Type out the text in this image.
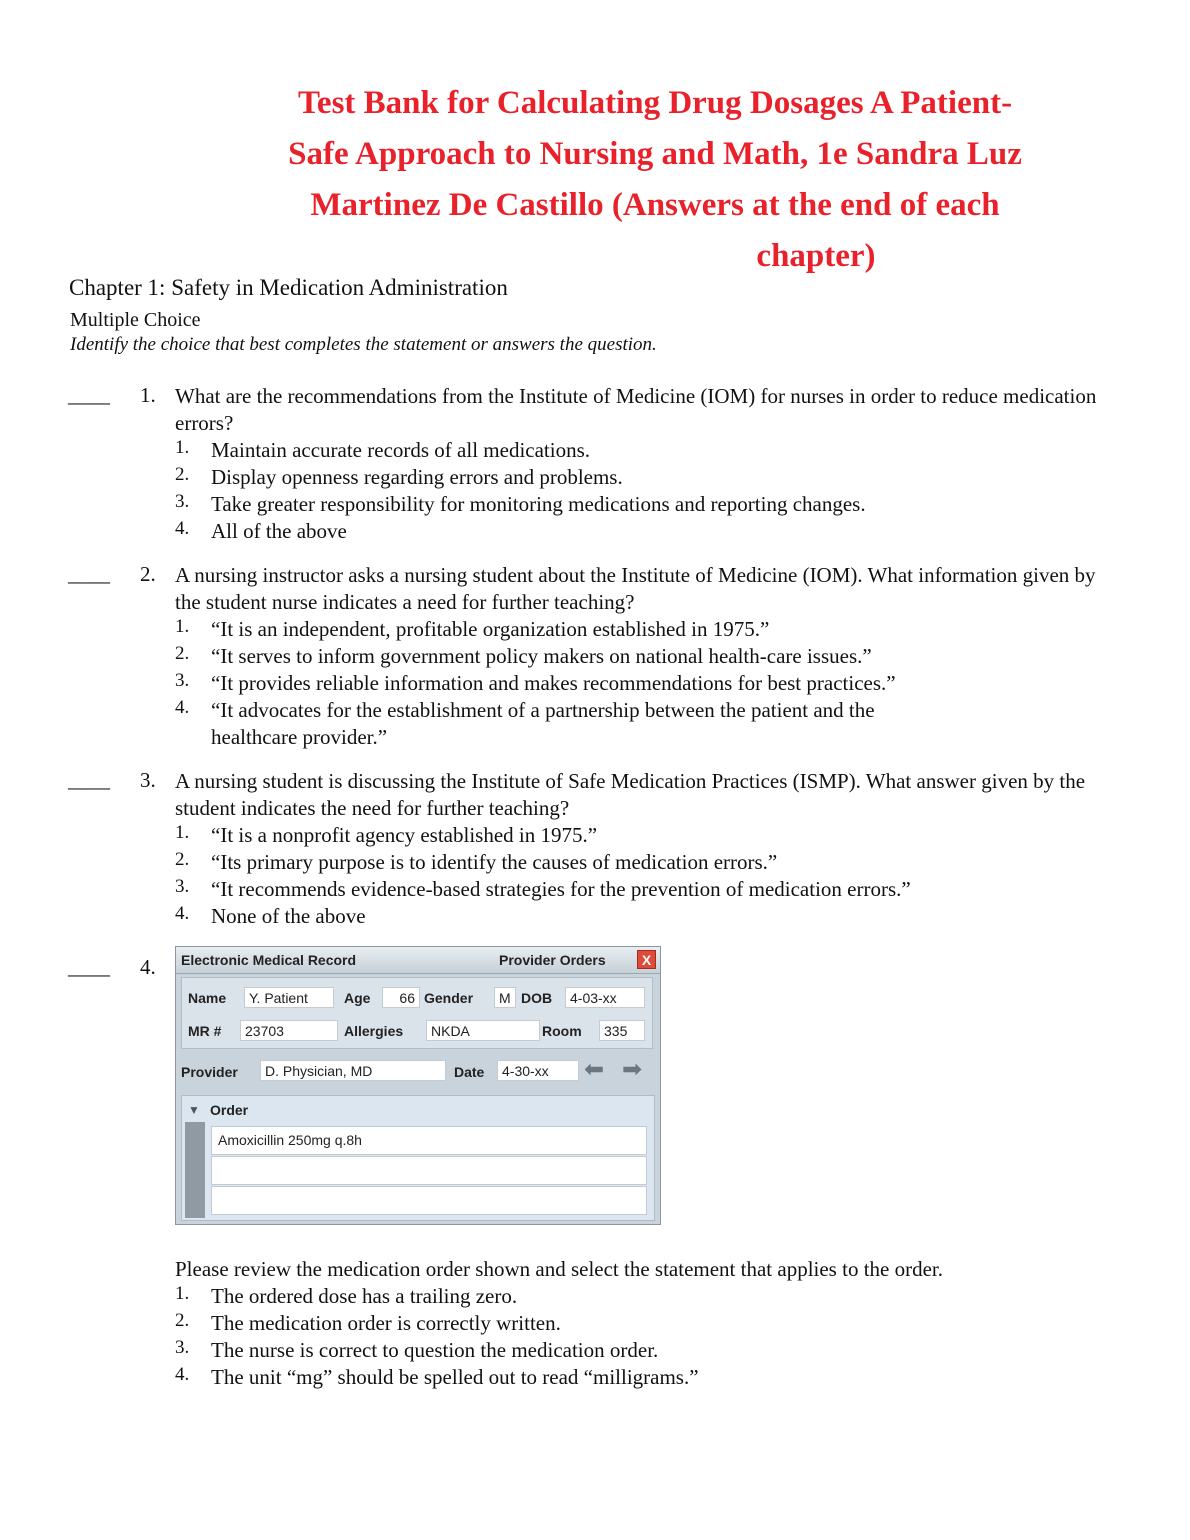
Test Bank for Calculating Drug Dosages A Patient-
Safe Approach to Nursing and Math, 1e Sandra Luz
Martinez De Castillo (Answers at the end of each
chapter)
Chapter 1: Safety in Medication Administration
Multiple Choice
Identify the choice that best completes the statement or answers the question.
____ 1. What are the recommendations from the Institute of Medicine (IOM) for nurses in order to reduce medication errors?
1. Maintain accurate records of all medications.
2. Display openness regarding errors and problems.
3. Take greater responsibility for monitoring medications and reporting changes.
4. All of the above
____ 2. A nursing instructor asks a nursing student about the Institute of Medicine (IOM). What information given by the student nurse indicates a need for further teaching?
1. “It is an independent, profitable organization established in 1975.”
2. “It serves to inform government policy makers on national health-care issues.”
3. “It provides reliable information and makes recommendations for best practices.”
4. “It advocates for the establishment of a partnership between the patient and the healthcare provider.”
____ 3. A nursing student is discussing the Institute of Safe Medication Practices (ISMP). What answer given by the student indicates the need for further teaching?
1. “It is a nonprofit agency established in 1975.”
2. “Its primary purpose is to identify the causes of medication errors.”
3. “It recommends evidence-based strategies for the prevention of medication errors.”
4. None of the above
____ 4. Electronic Medical Record	Provider Orders	X
Name	Y. Patient	Age	66 Gender	M DOB	4-03-xx
MR #	23703	Allergies	NKDA	Room	335
Provider	D. Physician, MD	Date	4-30-xx	⬅ ➡
▼ Order
Amoxicillin 250mg q.8h
Please review the medication order shown and select the statement that applies to the order.
1. The ordered dose has a trailing zero.
2. The medication order is correctly written.
3. The nurse is correct to question the medication order.
4. The unit “mg” should be spelled out to read “milligrams.”
